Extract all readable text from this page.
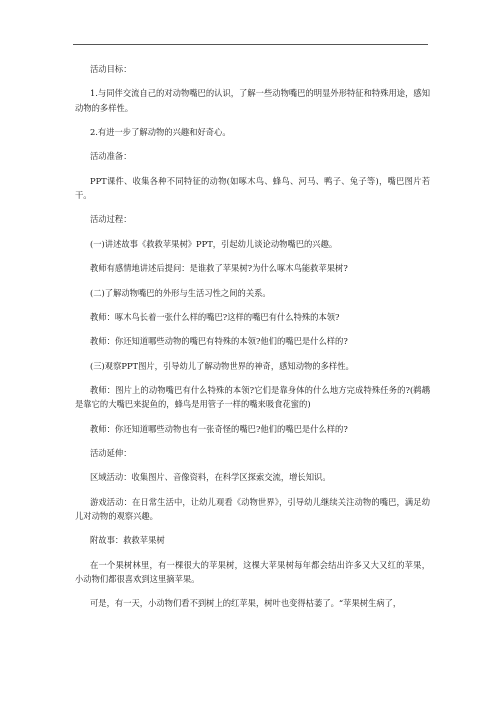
活动目标：

1.与同伴交流自己的对动物嘴巴的认识，了解一些动物嘴巴的明显外形特征和特殊用途，感知动物的多样性。

2.有进一步了解动物的兴趣和好奇心。

活动准备：

PPT课件、收集各种不同特征的动物(如啄木鸟、蜂鸟、河马、鸭子、兔子等)，嘴巴图片若干。

活动过程：

(一)讲述故事《救救苹果树》PPT，引起幼儿谈论动物嘴巴的兴趣。

教师有感情地讲述后提问：是谁救了苹果树?为什么啄木鸟能救苹果树?

(二)了解动物嘴巴的外形与生活习性之间的关系。

教师：啄木鸟长着一张什么样的嘴巴?这样的嘴巴有什么特殊的本领?

教师：你还知道哪些动物的嘴巴有特殊的本领?他们的嘴巴是什么样的?

(三)观察PPT图片，引导幼儿了解动物世界的神奇，感知动物的多样性。

教师：图片上的动物嘴巴有什么特殊的本领?它们是靠身体的什么地方完成特殊任务的?(鹈鹕是靠它的大嘴巴来捉鱼的，蜂鸟是用管子一样的嘴来吸食花蜜的)

教师：你还知道哪些动物也有一张奇怪的嘴巴?他们的嘴巴是什么样的?

活动延伸：

区域活动：收集图片、音像资料，在科学区探索交流，增长知识。

游戏活动：在日常生活中，让幼儿观看《动物世界》，引导幼儿继续关注动物的嘴巴，满足幼儿对动物的观察兴趣。

附故事：救救苹果树

在一个果树林里，有一棵很大的苹果树，这棵大苹果树每年都会结出许多又大又红的苹果，小动物们都很喜欢到这里摘苹果。

可是，有一天，小动物们看不到树上的红苹果，树叶也变得枯萎了。“苹果树生病了，
